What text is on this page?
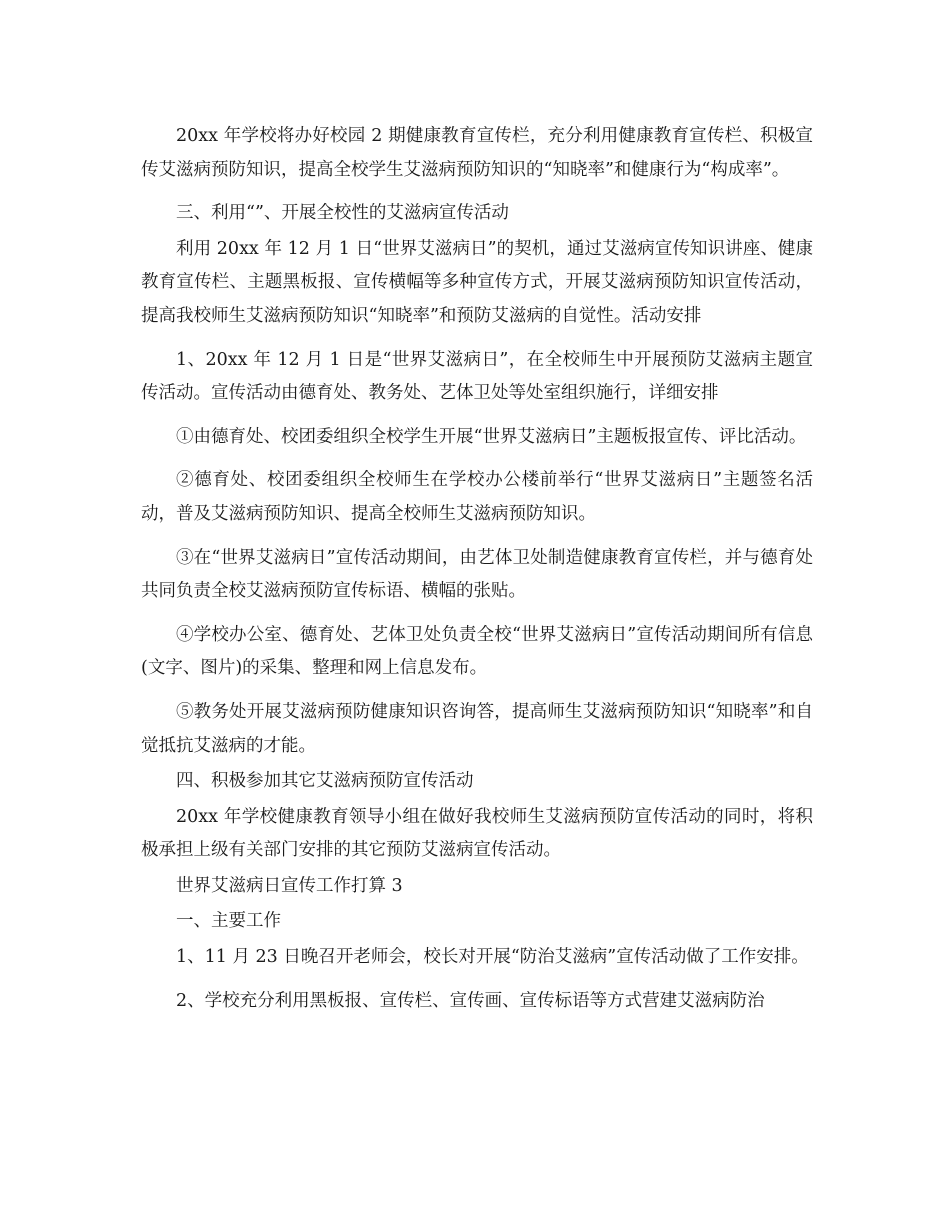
20xx 年学校将办好校园 2 期健康教育宣传栏，充分利用健康教育宣传栏、积极宣传艾滋病预防知识，提高全校学生艾滋病预防知识的“知晓率”和健康行为“构成率”。

三、利用“”、开展全校性的艾滋病宣传活动

利用 20xx 年 12 月 1 日“世界艾滋病日”的契机，通过艾滋病宣传知识讲座、健康教育宣传栏、主题黑板报、宣传横幅等多种宣传方式，开展艾滋病预防知识宣传活动，提高我校师生艾滋病预防知识“知晓率”和预防艾滋病的自觉性。活动安排

1、20xx 年 12 月 1 日是“世界艾滋病日”，在全校师生中开展预防艾滋病主题宣传活动。宣传活动由德育处、教务处、艺体卫处等处室组织施行，详细安排

①由德育处、校团委组织全校学生开展“世界艾滋病日”主题板报宣传、评比活动。

②德育处、校团委组织全校师生在学校办公楼前举行“世界艾滋病日”主题签名活动，普及艾滋病预防知识、提高全校师生艾滋病预防知识。

③在“世界艾滋病日”宣传活动期间，由艺体卫处制造健康教育宣传栏，并与德育处共同负责全校艾滋病预防宣传标语、横幅的张贴。

④学校办公室、德育处、艺体卫处负责全校“世界艾滋病日”宣传活动期间所有信息(文字、图片)的采集、整理和网上信息发布。

⑤教务处开展艾滋病预防健康知识咨询答，提高师生艾滋病预防知识“知晓率”和自觉抵抗艾滋病的才能。

四、积极参加其它艾滋病预防宣传活动

20xx 年学校健康教育领导小组在做好我校师生艾滋病预防宣传活动的同时，将积极承担上级有关部门安排的其它预防艾滋病宣传活动。

世界艾滋病日宣传工作打算 3

一、主要工作

1、11 月 23 日晚召开老师会，校长对开展“防治艾滋病”宣传活动做了工作安排。

2、学校充分利用黑板报、宣传栏、宣传画、宣传标语等方式营建艾滋病防治
